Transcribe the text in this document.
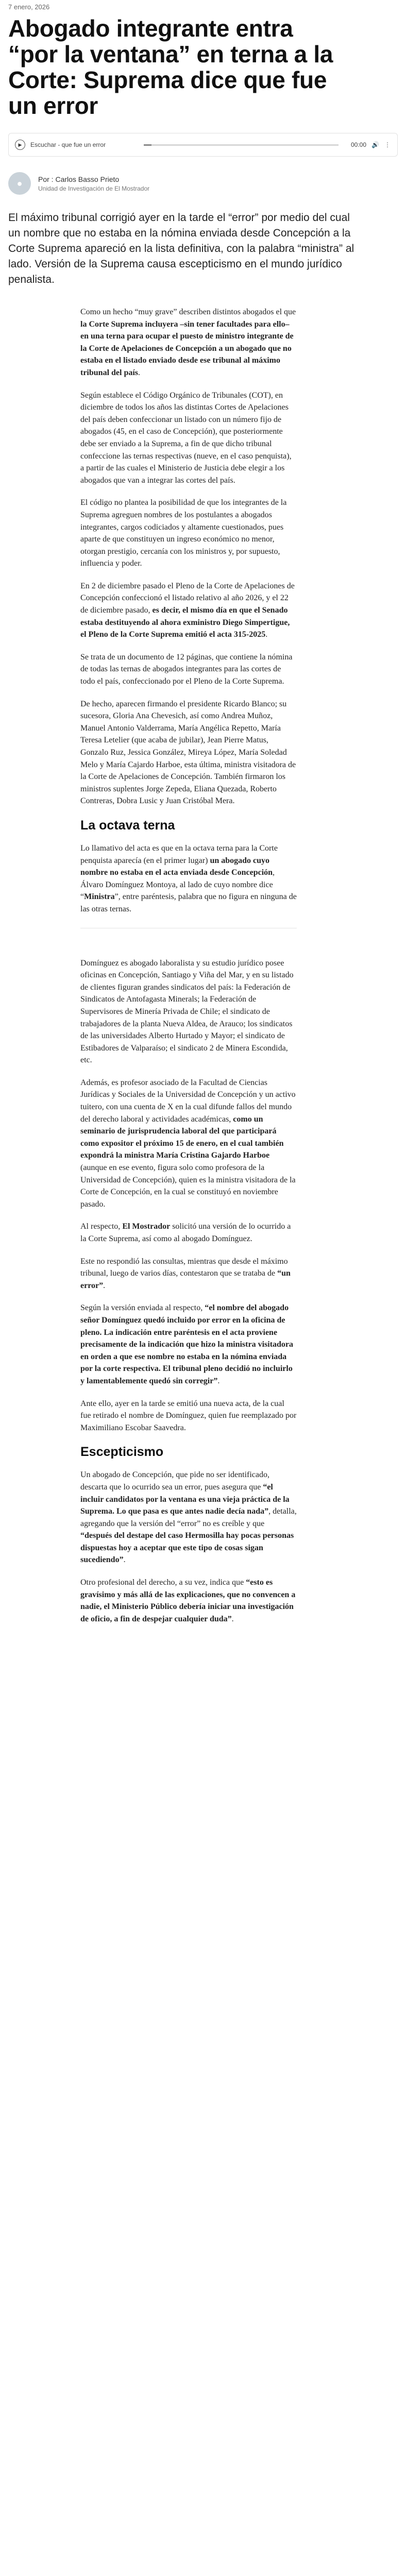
7 enero, 2026
Abogado integrante entra “por la ventana” en terna a la Corte: Suprema dice que fue un error
▶	Escuchar - que fue un error	00:00 🔊 ⋮
●	Por : Carlos Basso Prieto
Unidad de Investigación de El Mostrador

El máximo tribunal corrigió ayer en la tarde el “error” por medio del cual un nombre que no estaba en la nómina enviada desde Concepción a la Corte Suprema apareció en la lista definitiva, con la palabra “ministra” al lado. Versión de la Suprema causa escepticismo en el mundo jurídico penalista.

Como un hecho “muy grave” describen distintos abogados el que la Corte Suprema incluyera –sin tener facultades para ello– en una terna para ocupar el puesto de ministro integrante de la Corte de Apelaciones de Concepción a un abogado que no estaba en el listado enviado desde ese tribunal al máximo tribunal del país.

Según establece el Código Orgánico de Tribunales (COT), en diciembre de todos los años las distintas Cortes de Apelaciones del país deben confeccionar un listado con un número fijo de abogados (45, en el caso de Concepción), que posteriormente debe ser enviado a la Suprema, a fin de que dicho tribunal confeccione las ternas respectivas (nueve, en el caso penquista), a partir de las cuales el Ministerio de Justicia debe elegir a los abogados que van a integrar las cortes del país.

El código no plantea la posibilidad de que los integrantes de la Suprema agreguen nombres de los postulantes a abogados integrantes, cargos codiciados y altamente cuestionados, pues aparte de que constituyen un ingreso económico no menor, otorgan prestigio, cercanía con los ministros y, por supuesto, influencia y poder.

En 2 de diciembre pasado el Pleno de la Corte de Apelaciones de Concepción confeccionó el listado relativo al año 2026, y el 22 de diciembre pasado, es decir, el mismo día en que el Senado estaba destituyendo al ahora exministro Diego Simpertigue, el Pleno de la Corte Suprema emitió el acta 315-2025.

Se trata de un documento de 12 páginas, que contiene la nómina de todas las ternas de abogados integrantes para las cortes de todo el país, confeccionado por el Pleno de la Corte Suprema.

De hecho, aparecen firmando el presidente Ricardo Blanco; su sucesora, Gloria Ana Chevesich, así como Andrea Muñoz, Manuel Antonio Valderrama, María Angélica Repetto, María Teresa Letelier (que acaba de jubilar), Jean Pierre Matus, Gonzalo Ruz, Jessica González, Mireya López, María Soledad Melo y María Cajardo Harboe, esta última, ministra visitadora de la Corte de Apelaciones de Concepción. También firmaron los ministros suplentes Jorge Zepeda, Eliana Quezada, Roberto Contreras, Dobra Lusic y Juan Cristóbal Mera.

La octava terna

Lo llamativo del acta es que en la octava terna para la Corte penquista aparecía (en el primer lugar) un abogado cuyo nombre no estaba en el acta enviada desde Concepción, Álvaro Domínguez Montoya, al lado de cuyo nombre dice “Ministra”, entre paréntesis, palabra que no figura en ninguna de las otras ternas.

Domínguez es abogado laboralista y su estudio jurídico posee oficinas en Concepción, Santiago y Viña del Mar, y en su listado de clientes figuran grandes sindicatos del país: la Federación de Sindicatos de Antofagasta Minerals; la Federación de Supervisores de Minería Privada de Chile; el sindicato de trabajadores de la planta Nueva Aldea, de Arauco; los sindicatos de las universidades Alberto Hurtado y Mayor; el sindicato de Estibadores de Valparaíso; el sindicato 2 de Minera Escondida, etc.

Además, es profesor asociado de la Facultad de Ciencias Jurídicas y Sociales de la Universidad de Concepción y un activo tuitero, con una cuenta de X en la cual difunde fallos del mundo del derecho laboral y actividades académicas, como un seminario de jurisprudencia laboral del que participará como expositor el próximo 15 de enero, en el cual también expondrá la ministra María Cristina Gajardo Harboe (aunque en ese evento, figura solo como profesora de la Universidad de Concepción), quien es la ministra visitadora de la Corte de Concepción, en la cual se constituyó en noviembre pasado.

Al respecto, El Mostrador solicitó una versión de lo ocurrido a la Corte Suprema, así como al abogado Domínguez.

Este no respondió las consultas, mientras que desde el máximo tribunal, luego de varios días, contestaron que se trataba de “un error”.

Según la versión enviada al respecto, “el nombre del abogado señor Domínguez quedó incluido por error en la oficina de pleno. La indicación entre paréntesis en el acta proviene precisamente de la indicación que hizo la ministra visitadora en orden a que ese nombre no estaba en la nómina enviada por la corte respectiva. El tribunal pleno decidió no incluirlo y lamentablemente quedó sin corregir”.

Ante ello, ayer en la tarde se emitió una nueva acta, de la cual fue retirado el nombre de Domínguez, quien fue reemplazado por Maximiliano Escobar Saavedra.

Escepticismo

Un abogado de Concepción, que pide no ser identificado, descarta que lo ocurrido sea un error, pues asegura que “el incluir candidatos por la ventana es una vieja práctica de la Suprema. Lo que pasa es que antes nadie decía nada”, detalla, agregando que la versión del “error” no es creíble y que “después del destape del caso Hermosilla hay pocas personas dispuestas hoy a aceptar que este tipo de cosas sigan sucediendo”.

Otro profesional del derecho, a su vez, indica que “esto es gravísimo y más allá de las explicaciones, que no convencen a nadie, el Ministerio Público debería iniciar una investigación de oficio, a fin de despejar cualquier duda”.
